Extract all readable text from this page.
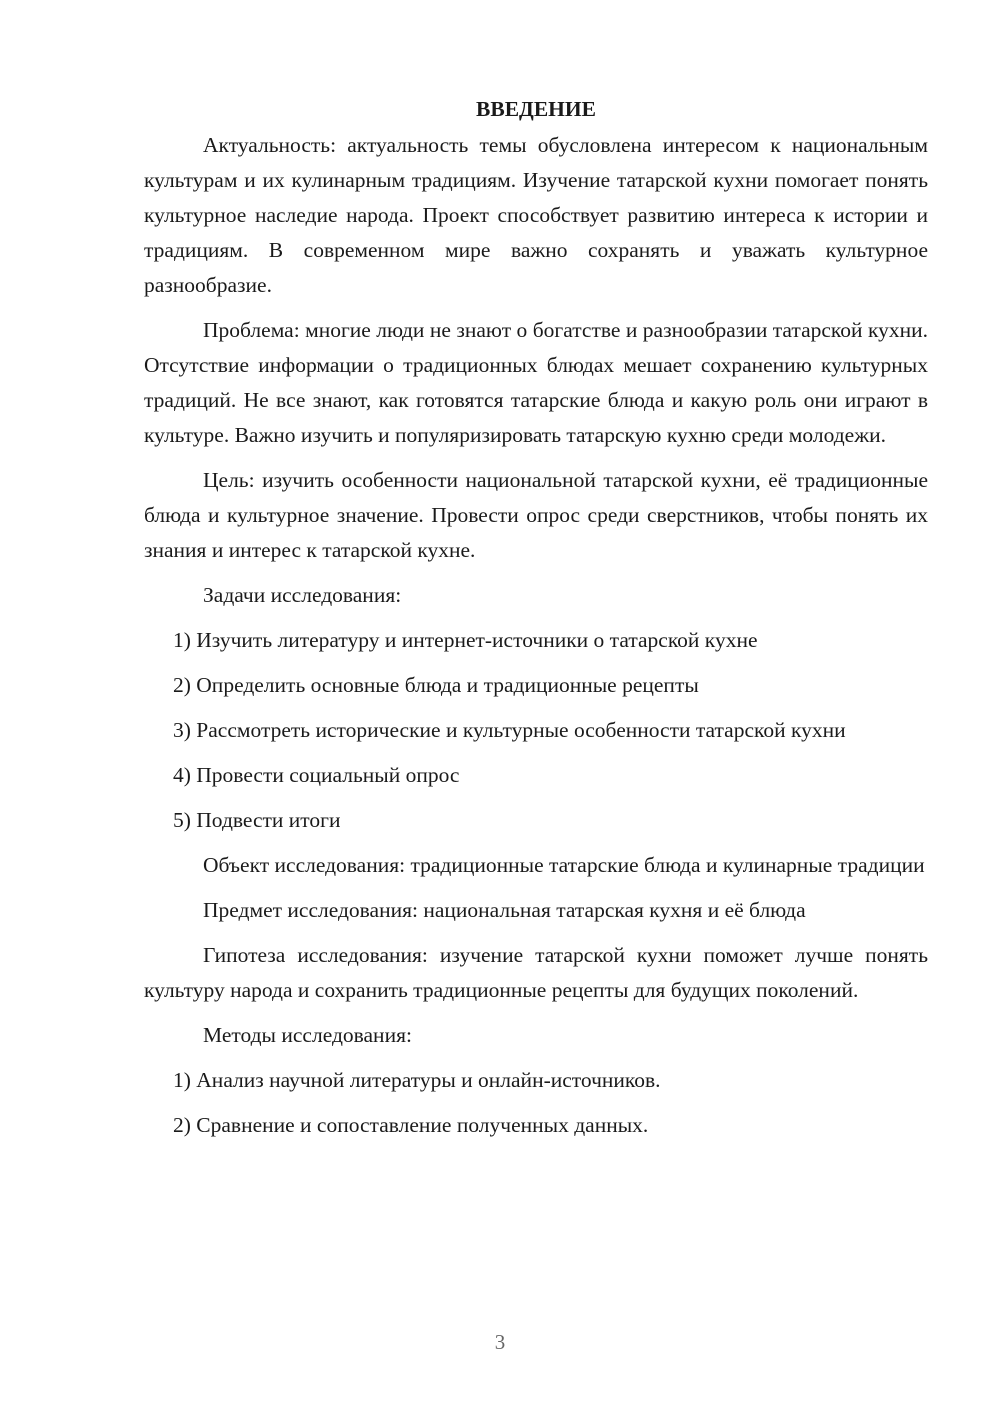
ВВЕДЕНИЕ
Актуальность: актуальность темы обусловлена интересом к национальным культурам и их кулинарным традициям. Изучение татарской кухни помогает понять культурное наследие народа. Проект способствует развитию интереса к истории и традициям. В современном мире важно сохранять и уважать культурное разнообразие.
Проблема: многие люди не знают о богатстве и разнообразии татарской кухни. Отсутствие информации о традиционных блюдах мешает сохранению культурных традиций. Не все знают, как готовятся татарские блюда и какую роль они играют в культуре. Важно изучить и популяризировать татарскую кухню среди молодежи.
Цель: изучить особенности национальной татарской кухни, её традиционные блюда и культурное значение. Провести опрос среди сверстников, чтобы понять их знания и интерес к татарской кухне.
Задачи исследования:
1) Изучить литературу и интернет-источники о татарской кухне
2) Определить основные блюда и традиционные рецепты
3) Рассмотреть исторические и культурные особенности татарской кухни
4) Провести социальный опрос
5) Подвести итоги
Объект исследования: традиционные татарские блюда и кулинарные традиции
Предмет исследования: национальная татарская кухня и её блюда
Гипотеза исследования: изучение татарской кухни поможет лучше понять культуру народа и сохранить традиционные рецепты для будущих поколений.
Методы исследования:
1) Анализ научной литературы и онлайн-источников.
2) Сравнение и сопоставление полученных данных.
3
